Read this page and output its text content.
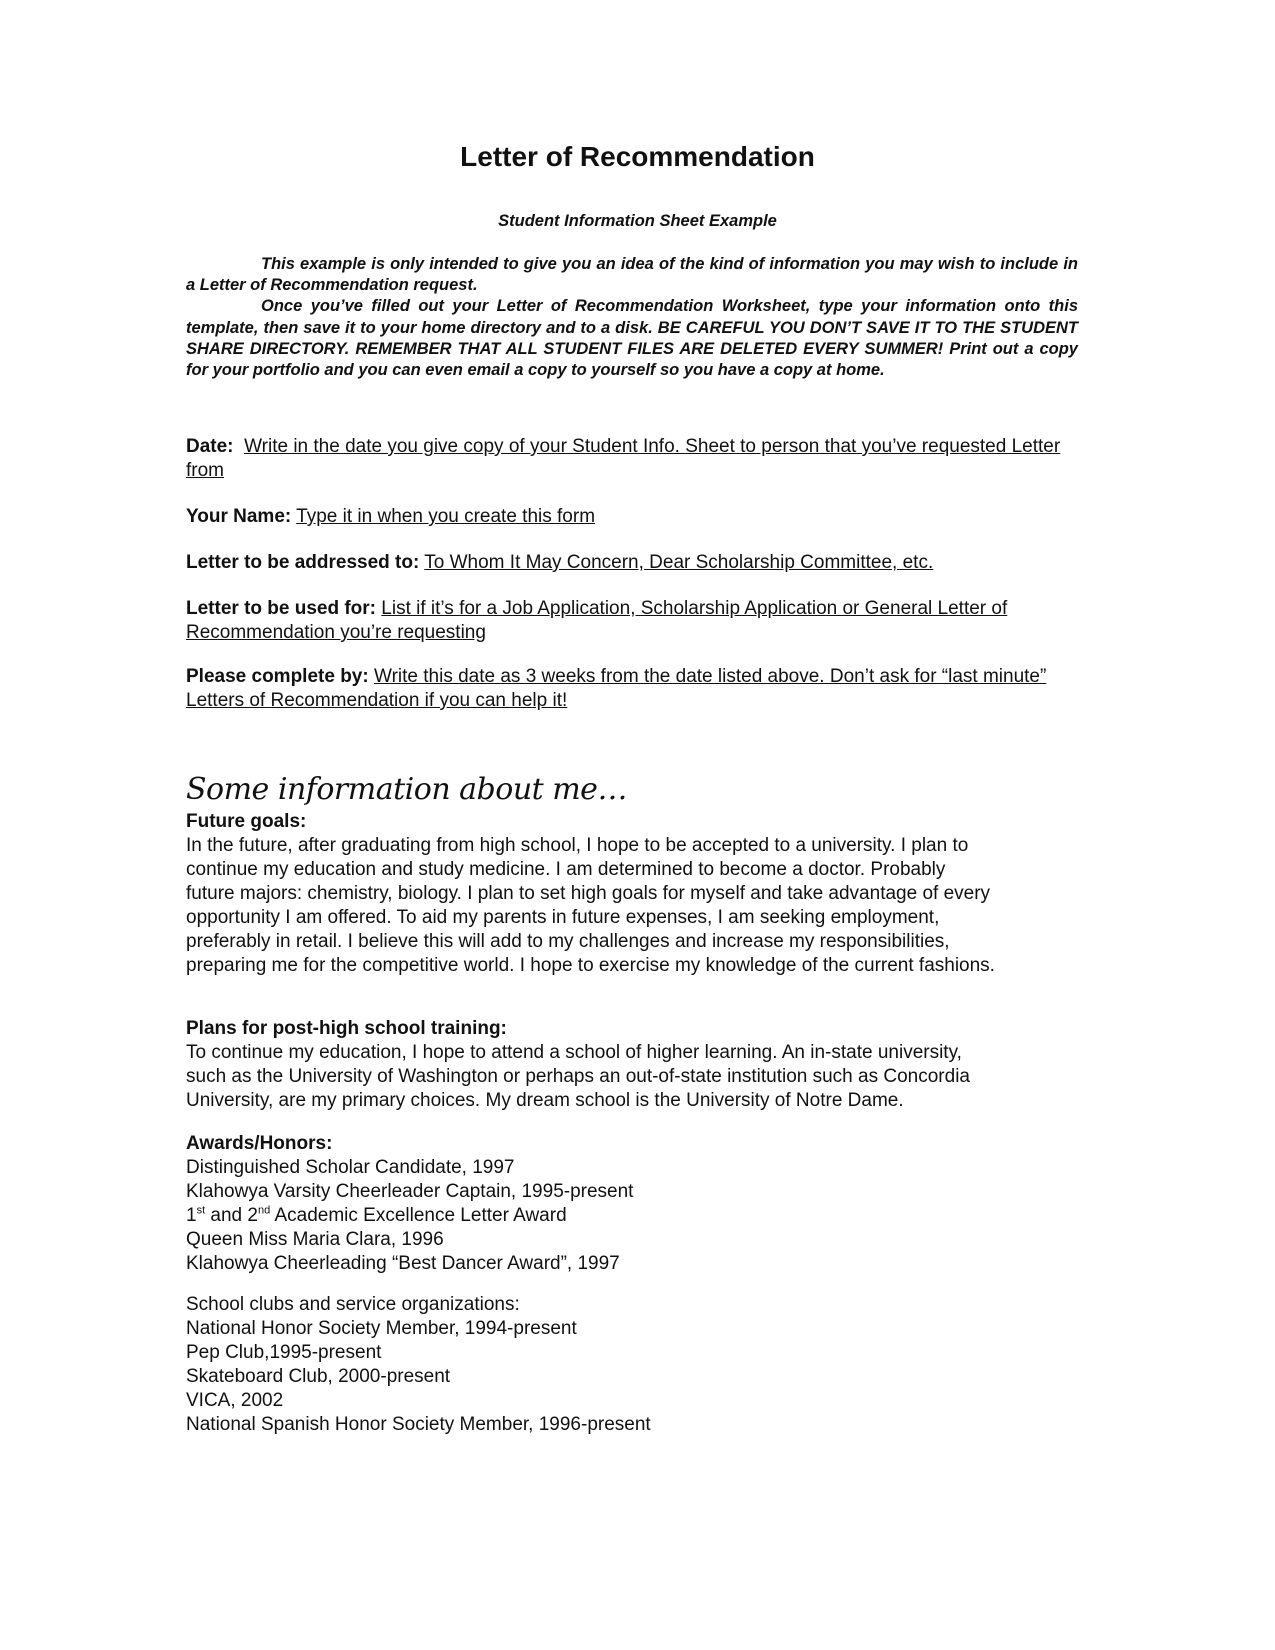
Letter of Recommendation
Student Information Sheet Example

This example is only intended to give you an idea of the kind of information you may wish to include in a Letter of Recommendation request.

Once you’ve filled out your Letter of Recommendation Worksheet, type your information onto this template, then save it to your home directory and to a disk. BE CAREFUL YOU DON’T SAVE IT TO THE STUDENT SHARE DIRECTORY. REMEMBER THAT ALL STUDENT FILES ARE DELETED EVERY SUMMER! Print out a copy for your portfolio and you can even email a copy to yourself so you have a copy at home.

Date: Write in the date you give copy of your Student Info. Sheet to person that you’ve requested Letter from
Your Name: Type it in when you create this form
Letter to be addressed to: To Whom It May Concern, Dear Scholarship Committee, etc.
Letter to be used for: List if it’s for a Job Application, Scholarship Application or General Letter of Recommendation you’re requesting
Please complete by: Write this date as 3 weeks from the date listed above. Don’t ask for “last minute” Letters of Recommendation if you can help it!
Some information about me…
Future goals:
In the future, after graduating from high school, I hope to be accepted to a university. I plan to
continue my education and study medicine. I am determined to become a doctor. Probably
future majors: chemistry, biology. I plan to set high goals for myself and take advantage of every
opportunity I am offered. To aid my parents in future expenses, I am seeking employment,
preferably in retail. I believe this will add to my challenges and increase my responsibilities,
preparing me for the competitive world. I hope to exercise my knowledge of the current fashions.
Plans for post-high school training:
To continue my education, I hope to attend a school of higher learning. An in-state university,
such as the University of Washington or perhaps an out-of-state institution such as Concordia
University, are my primary choices. My dream school is the University of Notre Dame.
Awards/Honors:
Distinguished Scholar Candidate, 1997
Klahowya Varsity Cheerleader Captain, 1995-present
1st and 2nd Academic Excellence Letter Award
Queen Miss Maria Clara, 1996
Klahowya Cheerleading “Best Dancer Award”, 1997
School clubs and service organizations:
National Honor Society Member, 1994-present
Pep Club,1995-present
Skateboard Club, 2000-present
VICA, 2002
National Spanish Honor Society Member, 1996-present
